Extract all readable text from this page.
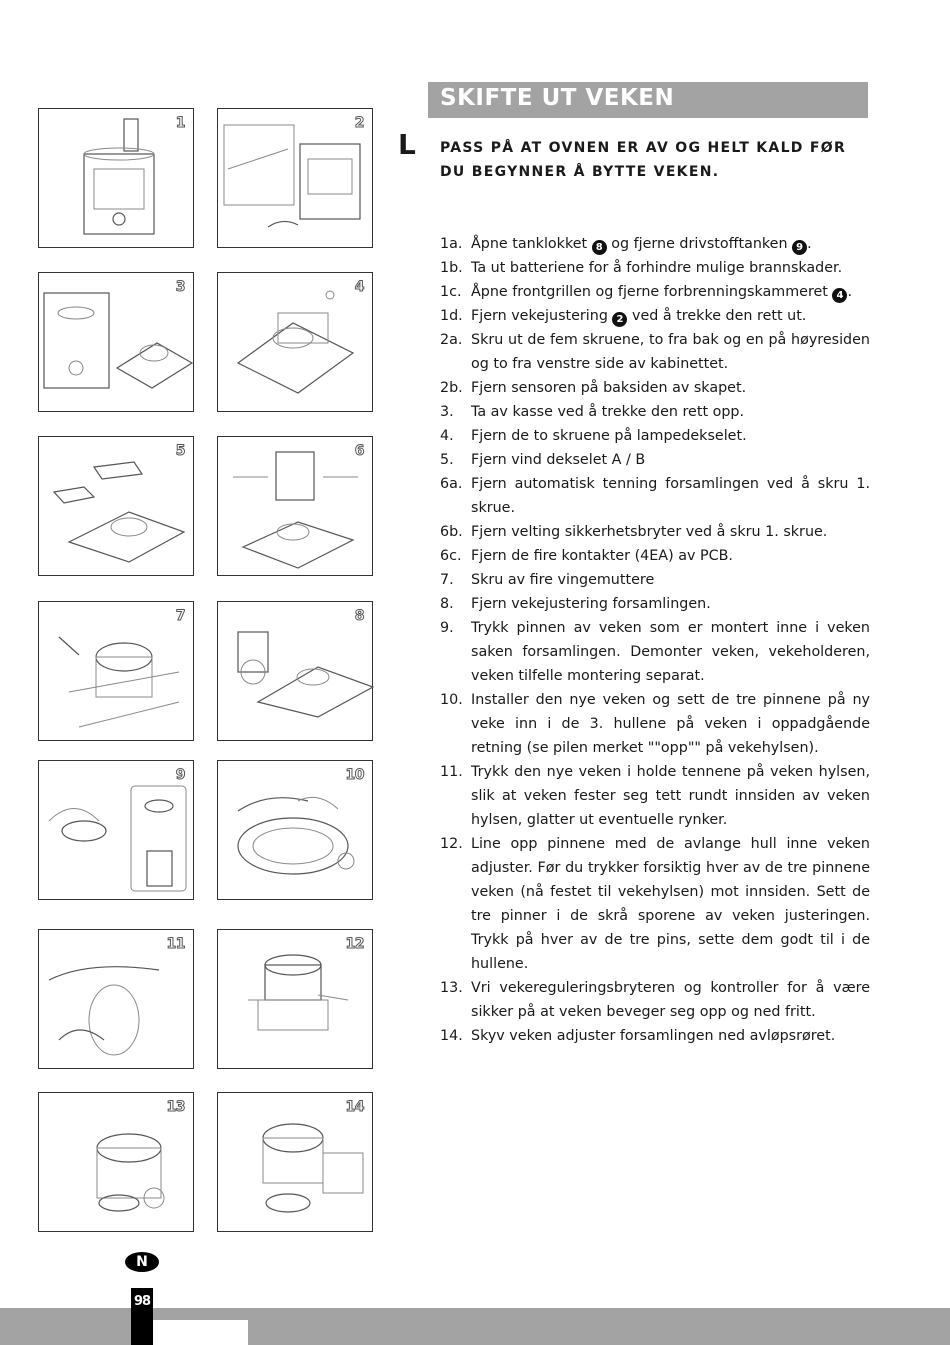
1	2
3	4
5	6
7	8
9	10
11	12
13	14
SKIFTE UT VEKEN
L PASS PÅ AT OVNEN ER AV OG HELT KALD FØR DU BEGYNNER Å BYTTE VEKEN.
1a. Åpne tanklokket 8 og fjerne drivstofftanken 9 .
1b. Ta ut batteriene for å forhindre mulige brannskader.
1c. Åpne frontgrillen og fjerne forbrenningskammeret 4 .
1d. Fjern vekejustering 2 ved å trekke den rett ut.
2a. Skru ut de fem skruene, to fra bak og en på høyresiden og to fra venstre side av kabinettet.
2b. Fjern sensoren på baksiden av skapet.
3. Ta av kasse ved å trekke den rett opp.
4. Fjern de to skruene på lampedekselet.
5. Fjern vind dekselet A / B
6a. Fjern automatisk tenning forsamlingen ved å skru 1. skrue.
6b. Fjern velting sikkerhetsbryter ved å skru 1. skrue.
6c. Fjern de fire kontakter (4EA) av PCB.
7. Skru av fire vingemuttere
8. Fjern vekejustering forsamlingen.
9. Trykk pinnen av veken som er montert inne i veken saken forsamlingen. Demonter veken, vekeholderen, veken tilfelle montering separat.
10. Installer den nye veken og sett de tre pinnene på ny veke inn i de 3. hullene på veken i oppadgående retning (se pilen merket ""opp"" på vekehylsen).
11. Trykk den nye veken i holde tennene på veken hylsen, slik at veken fester seg tett rundt innsiden av veken hylsen, glatter ut eventuelle rynker.
12. Line opp pinnene med de avlange hull inne veken adjuster. Før du trykker forsiktig hver av de tre pinnene veken (nå festet til vekehylsen) mot innsiden. Sett de tre pinner i de skrå sporene av veken justeringen. Trykk på hver av de tre pins, sette dem godt til i de hullene.
13. Vri vekereguleringsbryteren og kontroller for å være sikker på at veken beveger seg opp og ned fritt.
14. Skyv veken adjuster forsamlingen ned avløpsrøret.
N
98
